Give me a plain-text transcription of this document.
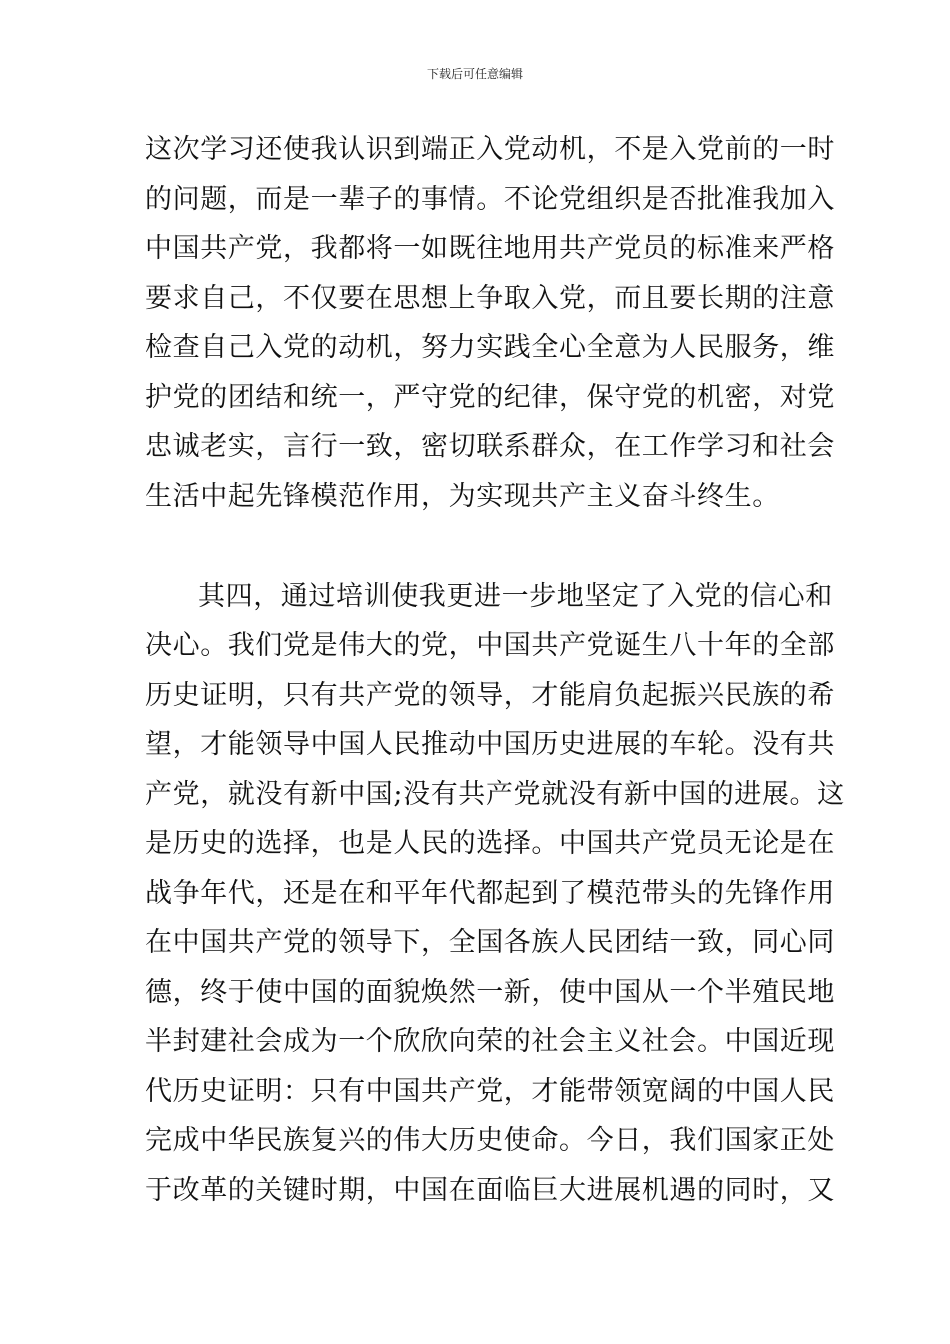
下载后可任意编辑
这次学习还使我认识到端正入党动机，不是入党前的一时
的问题，而是一辈子的事情。不论党组织是否批准我加入
中国共产党，我都将一如既往地用共产党员的标准来严格
要求自己，不仅要在思想上争取入党，而且要长期的注意
检查自己入党的动机，努力实践全心全意为人民服务，维
护党的团结和统一，严守党的纪律，保守党的机密，对党
忠诚老实，言行一致，密切联系群众，在工作学习和社会
生活中起先锋模范作用，为实现共产主义奋斗终生。
其四，通过培训使我更进一步地坚定了入党的信心和
决心。我们党是伟大的党，中国共产党诞生八十年的全部
历史证明，只有共产党的领导，才能肩负起振兴民族的希
望，才能领导中国人民推动中国历史进展的车轮。没有共
产党，就没有新中国;没有共产党就没有新中国的进展。这
是历史的选择，也是人民的选择。中国共产党员无论是在
战争年代，还是在和平年代都起到了模范带头的先锋作用
在中国共产党的领导下，全国各族人民团结一致，同心同
德，终于使中国的面貌焕然一新，使中国从一个半殖民地
半封建社会成为一个欣欣向荣的社会主义社会。中国近现
代历史证明：只有中国共产党，才能带领宽阔的中国人民
完成中华民族复兴的伟大历史使命。今日，我们国家正处
于改革的关键时期，中国在面临巨大进展机遇的同时，又
